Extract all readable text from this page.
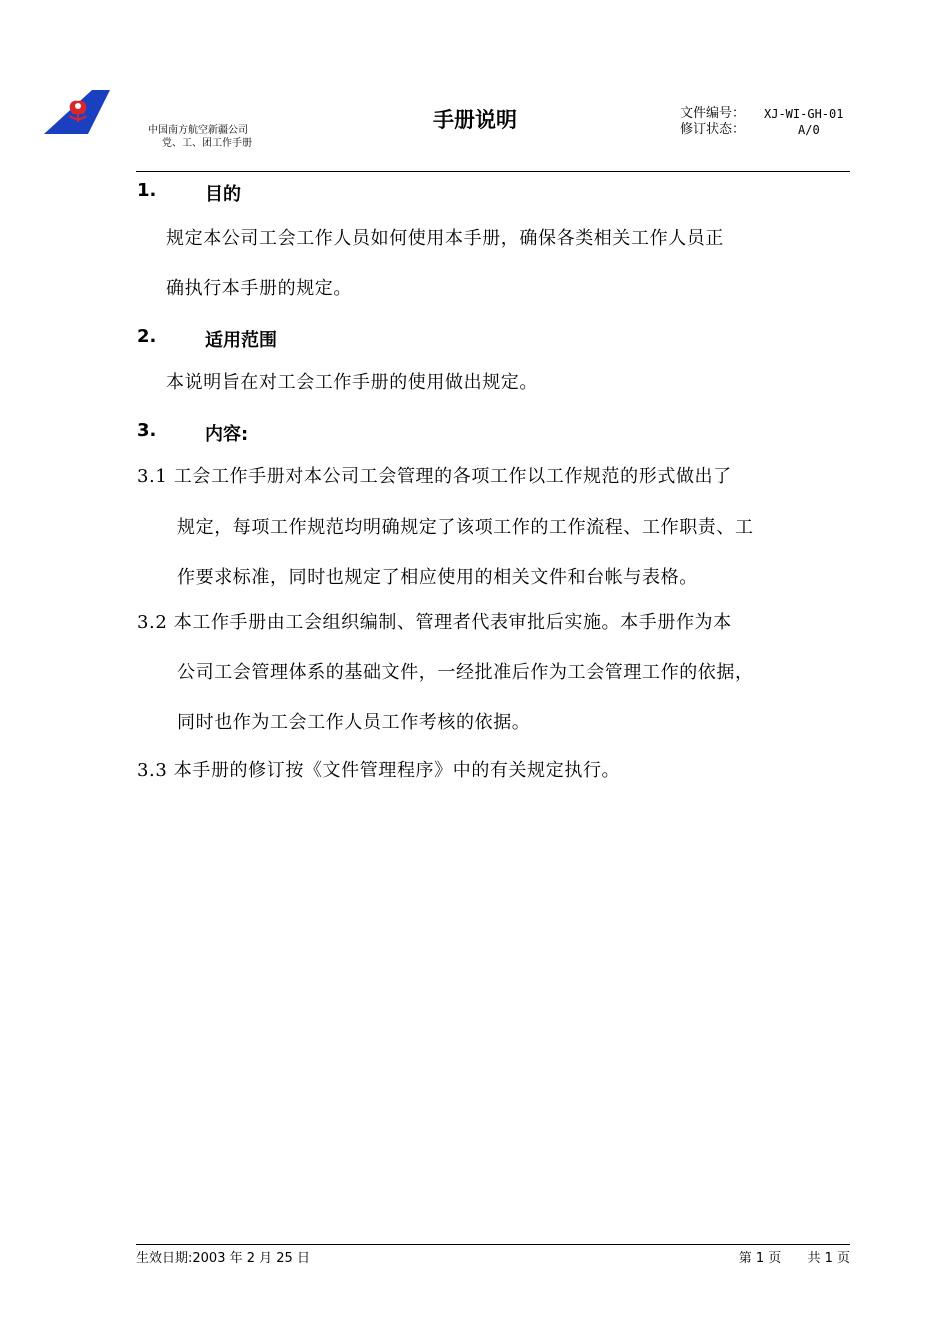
中国南方航空新疆公司
党、工、团工作手册
手册说明	文件编号：	XJ-WI-GH-01
修订状态：	A/0
1.	目的
规定本公司工会工作人员如何使用本手册，确保各类相关工作人员正
确执行本手册的规定。
2.	适用范围
本说明旨在对工会工作手册的使用做出规定。
3.	内容:
3.1 工会工作手册对本公司工会管理的各项工作以工作规范的形式做出了
规定，每项工作规范均明确规定了该项工作的工作流程、工作职责、工
作要求标准，同时也规定了相应使用的相关文件和台帐与表格。
3.2 本工作手册由工会组织编制、管理者代表审批后实施。本手册作为本
公司工会管理体系的基础文件，一经批准后作为工会管理工作的依据，
同时也作为工会工作人员工作考核的依据。
3.3 本手册的修订按《文件管理程序》中的有关规定执行。
生效日期:2003 年 2 月 25 日	第 1 页 共 1 页
